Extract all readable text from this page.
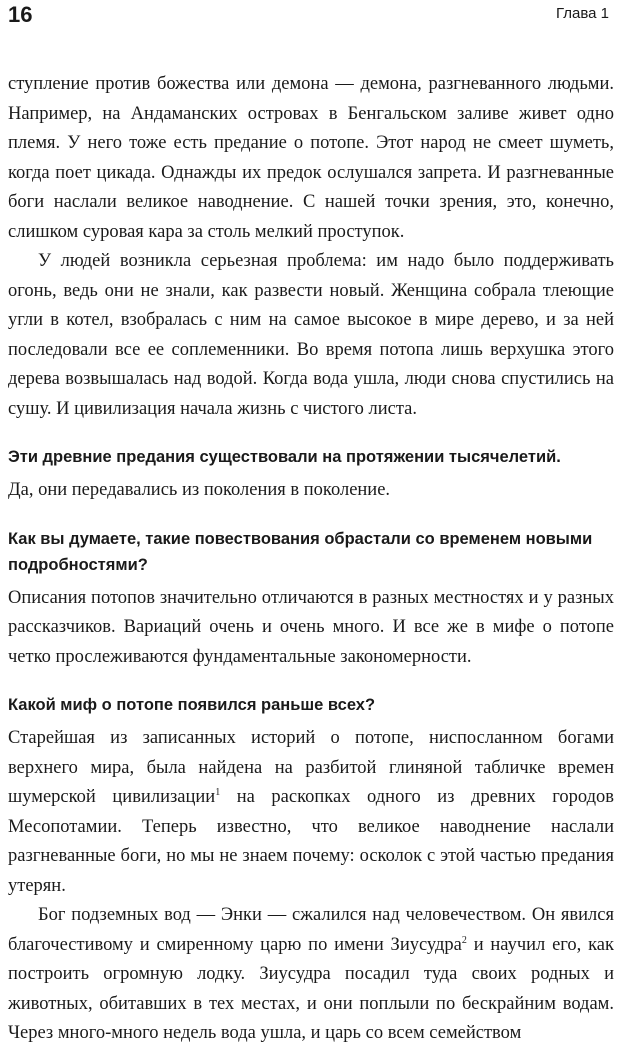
16	Глава 1

ступление против божества или демона — демона, разгневанного людьми. Например, на Андаманских островах в Бенгальском заливе живет одно племя. У него тоже есть предание о потопе. Этот народ не смеет шуметь, когда поет цикада. Однажды их предок ослушался запрета. И разгневанные боги наслали великое наводнение. С нашей точки зрения, это, конечно, слишком суровая кара за столь мелкий проступок.

У людей возникла серьезная проблема: им надо было поддерживать огонь, ведь они не знали, как развести новый. Женщина собрала тлеющие угли в котел, взобралась с ним на самое высокое в мире дерево, и за ней последовали все ее соплеменники. Во время потопа лишь верхушка этого дерева возвышалась над водой. Когда вода ушла, люди снова спустились на сушу. И цивилизация начала жизнь с чистого листа.

Эти древние предания существовали на протяжении тысячелетий.

Да, они передавались из поколения в поколение.

Как вы думаете, такие повествования обрастали со временем новыми подробностями?

Описания потопов значительно отличаются в разных местностях и у разных рассказчиков. Вариаций очень и очень много. И все же в мифе о потопе четко прослеживаются фундаментальные закономерности.

Какой миф о потопе появился раньше всех?

Старейшая из записанных историй о потопе, ниспосланном богами верхнего мира, была найдена на разбитой глиняной табличке времен шумерской цивилизации$^1$ на раскопках одного из древних городов Месопотамии. Теперь известно, что великое наводнение наслали разгневанные боги, но мы не знаем почему: осколок с этой частью предания утерян.

Бог подземных вод — Энки — сжалился над человечеством. Он явился благочестивому и смиренному царю по имени Зиусудра$^2$ и научил его, как построить огромную лодку. Зиусудра посадил туда своих родных и животных, обитавших в тех местах, и они поплыли по бескрайним водам. Через много-много недель вода ушла, и царь со всем семейством
